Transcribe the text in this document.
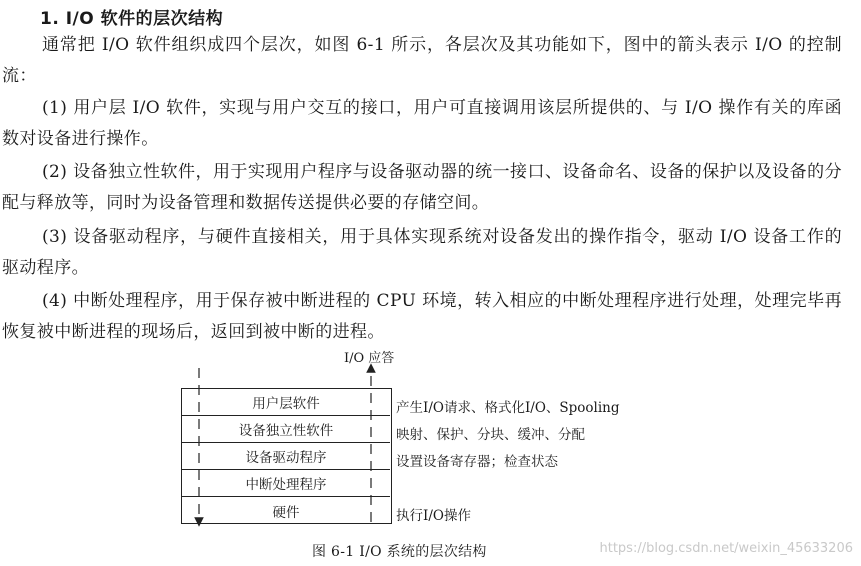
1. I/O 软件的层次结构

通常把 I/O 软件组织成四个层次，如图 6-1 所示，各层次及其功能如下，图中的箭头表示 I/O 的控制流：

(1) 用户层 I/O 软件，实现与用户交互的接口，用户可直接调用该层所提供的、与 I/O 操作有关的库函数对设备进行操作。

(2) 设备独立性软件，用于实现用户程序与设备驱动器的统一接口、设备命名、设备的保护以及设备的分配与释放等，同时为设备管理和数据传送提供必要的存储空间。

(3) 设备驱动程序，与硬件直接相关，用于具体实现系统对设备发出的操作指令，驱动 I/O 设备工作的驱动程序。

(4) 中断处理程序，用于保存被中断进程的 CPU 环境，转入相应的中断处理程序进行处理，处理完毕再恢复被中断进程的现场后，返回到被中断的进程。

I/O 应答
用户层软件
设备独立性软件
设备驱动程序
中断处理程序
硬件
产生I/O请求、格式化I/O、Spooling
映射、保护、分块、缓冲、分配
设置设备寄存器；检查状态
执行I/O操作
图 6-1 I/O 系统的层次结构	https://blog.csdn.net/weixin_45633206
